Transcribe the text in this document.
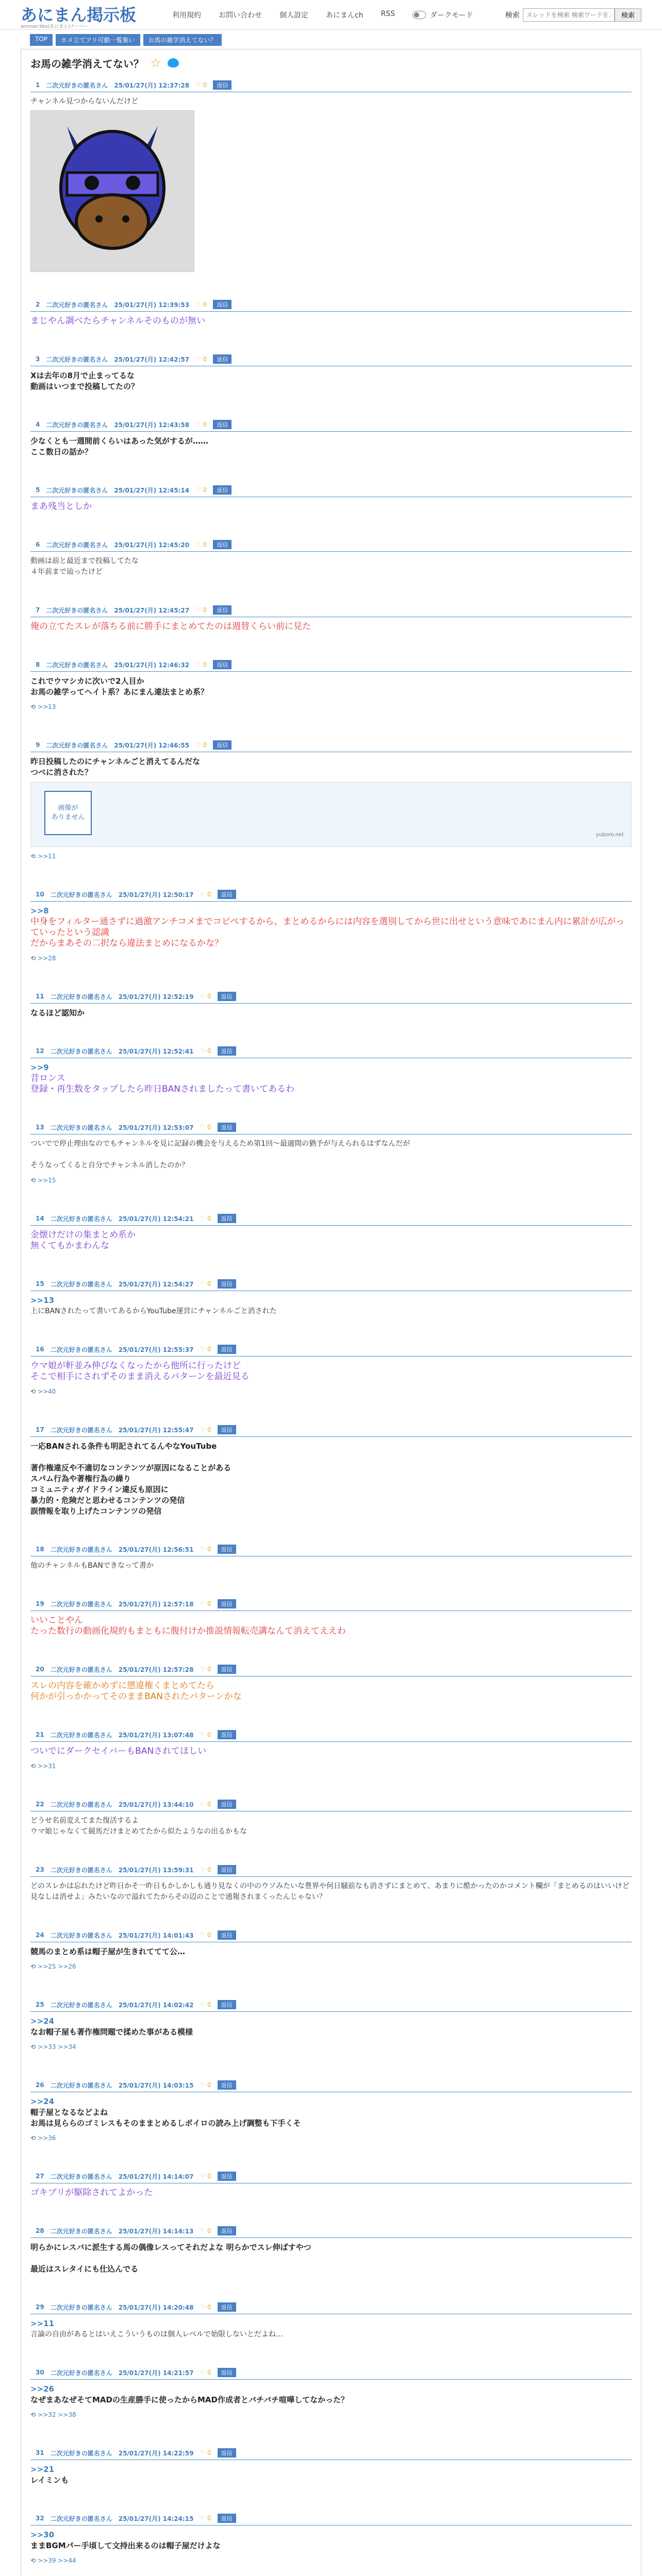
あにまん掲示板
animan bbs(あにまん)ナーバー
利用規約 お問い合わせ 個人設定 あにまんch RSS	ダークモード	検索
スレッドを検索 検索ワードを入力	検索
TOP	ホメ立てアリ可動一覧集い	お馬の雑学消えてない？
お馬の雑学消えてない？ ☆
1 二次元好きの匿名さん 25/01/27(月) 12:37:28 ♡ 0	返信
チャンネル見つからないんだけど
2 二次元好きの匿名さん 25/01/27(月) 12:39:53 ♡ 0	返信
まじやん調べたらチャンネルそのものが無い
3 二次元好きの匿名さん 25/01/27(月) 12:42:57 ♡ 0	返信
Xは去年の8月で止まってるな
動画はいつまで投稿してたの？
4 二次元好きの匿名さん 25/01/27(月) 12:43:58 ♡ 0	返信
少なくとも一週間前くらいはあった気がするが……
ここ数日の話か？
5 二次元好きの匿名さん 25/01/27(月) 12:45:14 ♡ 0	返信
まあ残当としか
6 二次元好きの匿名さん 25/01/27(月) 12:45:20 ♡ 0	返信
動画は前と最近まで投稿してたな
４年前まで辿ったけど
7 二次元好きの匿名さん 25/01/27(月) 12:45:27 ♡ 0	返信
俺の立てたスレが落ちる前に勝手にまとめてたのは週替くらい前に見た
8 二次元好きの匿名さん 25/01/27(月) 12:46:32 ♡ 0	返信
これでウマシカに次いで2人目か
お馬の雑学ってヘイト系？あにまん違法まとめ系？
⟲ >>13
9 二次元好きの匿名さん 25/01/27(月) 12:46:55 ♡ 0	返信
昨日投稿したのにチャンネルごと消えてるんだな
つべに消された？
画像が
ありません
yuboro.net
⟲ >>11
10 二次元好きの匿名さん 25/01/27(月) 12:50:17 ♡ 0	返信
>>8
中身をフィルター通さずに過激アンチコメまでコピペするから、まとめるからには内容を選別してから世に出せという意味であにまん内に累計が広がっていったという認識
だからまあその二択なら違法まとめになるかな？
⟲ >>28
11 二次元好きの匿名さん 25/01/27(月) 12:52:19 ♡ 0	返信
なるほど認知か
12 二次元好きの匿名さん 25/01/27(月) 12:52:41 ♡ 0	返信
>>9
昔ロンス
登録・再生数をタップしたら昨日BANされましたって書いてあるわ
13 二次元好きの匿名さん 25/01/27(月) 12:53:07 ♡ 0	返信
ついでで停止理由なのでもチャンネルを見に記録の機会を与えるため第1回～最適間の猶予が与えられるはずなんだが
そうなってくると自分でチャンネル消したのか？
⟲ >>15
14 二次元好きの匿名さん 25/01/27(月) 12:54:21 ♡ 0	返信
金懐けだけの集まとめ系か
無くてもかまわんな
15 二次元好きの匿名さん 25/01/27(月) 12:54:27 ♡ 0	返信
>>13
上にBANされたって書いてあるからYouTube運営にチャンネルごと消された
16 二次元好きの匿名さん 25/01/27(月) 12:55:37 ♡ 0	返信
ウマ娘が軒並み伸びなくなったから他所に行ったけど
そこで相手にされずそのまま消えるパターンを最近見る
⟲ >>40
17 二次元好きの匿名さん 25/01/27(月) 12:55:47 ♡ 0	返信
一応BANされる条件も明記されてるんやなYouTube
著作権違反や不適切なコンテンツが原因になることがある
スパム行為や著権行為の繰り
コミュニティガイドライン違反も原因に
暴力的・危険だと思わせるコンテンツの発信
誤情報を取り上げたコンテンツの発信
18 二次元好きの匿名さん 25/01/27(月) 12:56:51 ♡ 0	返信
他のチャンネルもBANできなって書か
19 二次元好きの匿名さん 25/01/27(月) 12:57:18 ♡ 0	返信
いいことやん
たった数行の動画化規約もまともに腹付けか推説情報転売講なんて消えてええわ
20 二次元好きの匿名さん 25/01/27(月) 12:57:28 ♡ 0	返信
スレの内容を確かめずに懲違権くまとめてたら
何かが引っかかってそのままBANされたパターンかな
21 二次元好きの匿名さん 25/01/27(月) 13:07:48 ♡ 0	返信
ついでにダークセイバーもBANされてほしい
⟲ >>31
22 二次元好きの匿名さん 25/01/27(月) 13:44:10 ♡ 0	返信
どうせ名前変えてまた復活するよ
ウマ娘じゃなくて競馬だけまとめてたから似たようなの出るかもな
23 二次元好きの匿名さん 25/01/27(月) 13:59:31 ♡ 0	返信
どのスレかは忘れたけど昨日かそ一昨日もかしかしも通り見なくの中のウソみたいな豊界や何日騒前なも消さずにまとめて、あまりに酷かったのかコメント欄が「まとめるのはいいけど見なしは消せよ」みたいなので溢れてたからその辺のことで通報されまくったんじゃない？
24 二次元好きの匿名さん 25/01/27(月) 14:01:43 ♡ 0	返信
競馬のまとめ系は帽子屋が生きれててて公…
⟲ >>25 >>26
25 二次元好きの匿名さん 25/01/27(月) 14:02:42 ♡ 0	返信
>>24
なお帽子屋も著作権問題で揉めた事がある模様
⟲ >>33 >>34
26 二次元好きの匿名さん 25/01/27(月) 14:03:15 ♡ 0	返信
>>24
帽子屋となるなどよね
お馬は見ららのゴミレスもそのままとめるしボイロの読み上げ調整も下手くそ
⟲ >>36
27 二次元好きの匿名さん 25/01/27(月) 14:14:07 ♡ 0	返信
ゴキブリが駆除されてよかった
28 二次元好きの匿名さん 25/01/27(月) 14:14:13 ♡ 0	返信
明らかにレスバに派生する馬の偶像レスってそれだよな 明らかでスレ伸ばすやつ
最近はスレタイにも仕込んでる
29 二次元好きの匿名さん 25/01/27(月) 14:20:48 ♡ 0	返信
>>11
言論の自由があるとはいえこういうものは個人レベルで始限しないとだよね…
30 二次元好きの匿名さん 25/01/27(月) 14:21:57 ♡ 0	返信
>>26
なぜまあなぜそてMADの生産勝手に使ったからMAD作成者とバチバチ喧嘩してなかった？
⟲ >>32 >>38
31 二次元好きの匿名さん 25/01/27(月) 14:22:59 ♡ 0	返信
>>21
レイミンも
32 二次元好きの匿名さん 25/01/27(月) 14:24:15 ♡ 0	返信
>>30
ままBGMパー手頃して文持出来るのは帽子屋だけよな
⟲ >>39 >>44
